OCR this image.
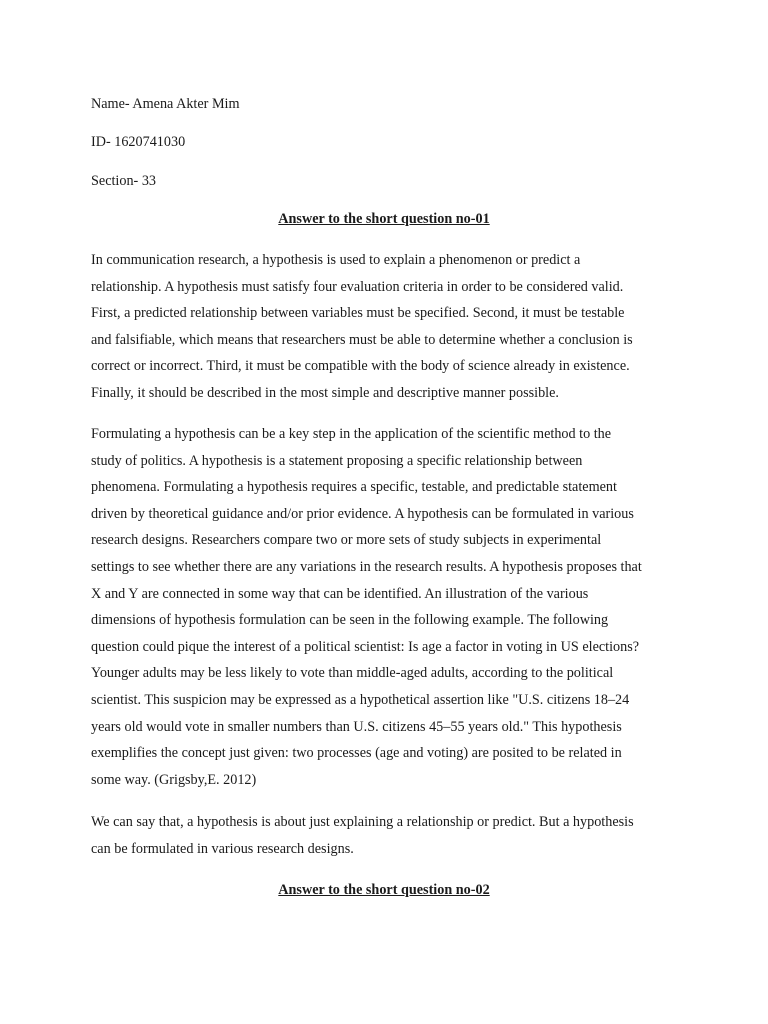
Name- Amena Akter Mim

ID- 1620741030

Section- 33

Answer to the short question no-01

In communication research, a hypothesis is used to explain a phenomenon or predict a
relationship. A hypothesis must satisfy four evaluation criteria in order to be considered valid.
First, a predicted relationship between variables must be specified. Second, it must be testable
and falsifiable, which means that researchers must be able to determine whether a conclusion is
correct or incorrect. Third, it must be compatible with the body of science already in existence.
Finally, it should be described in the most simple and descriptive manner possible.
Formulating a hypothesis can be a key step in the application of the scientific method to the
study of politics. A hypothesis is a statement proposing a specific relationship between
phenomena. Formulating a hypothesis requires a specific, testable, and predictable statement
driven by theoretical guidance and/or prior evidence. A hypothesis can be formulated in various
research designs. Researchers compare two or more sets of study subjects in experimental
settings to see whether there are any variations in the research results. A hypothesis proposes that
X and Y are connected in some way that can be identified. An illustration of the various
dimensions of hypothesis formulation can be seen in the following example. The following
question could pique the interest of a political scientist: Is age a factor in voting in US elections?
Younger adults may be less likely to vote than middle-aged adults, according to the political
scientist. This suspicion may be expressed as a hypothetical assertion like "U.S. citizens 18–24
years old would vote in smaller numbers than U.S. citizens 45–55 years old." This hypothesis
exemplifies the concept just given: two processes (age and voting) are posited to be related in
some way. (Grigsby,E. 2012)
We can say that, a hypothesis is about just explaining a relationship or predict. But a hypothesis
can be formulated in various research designs.

Answer to the short question no-02
